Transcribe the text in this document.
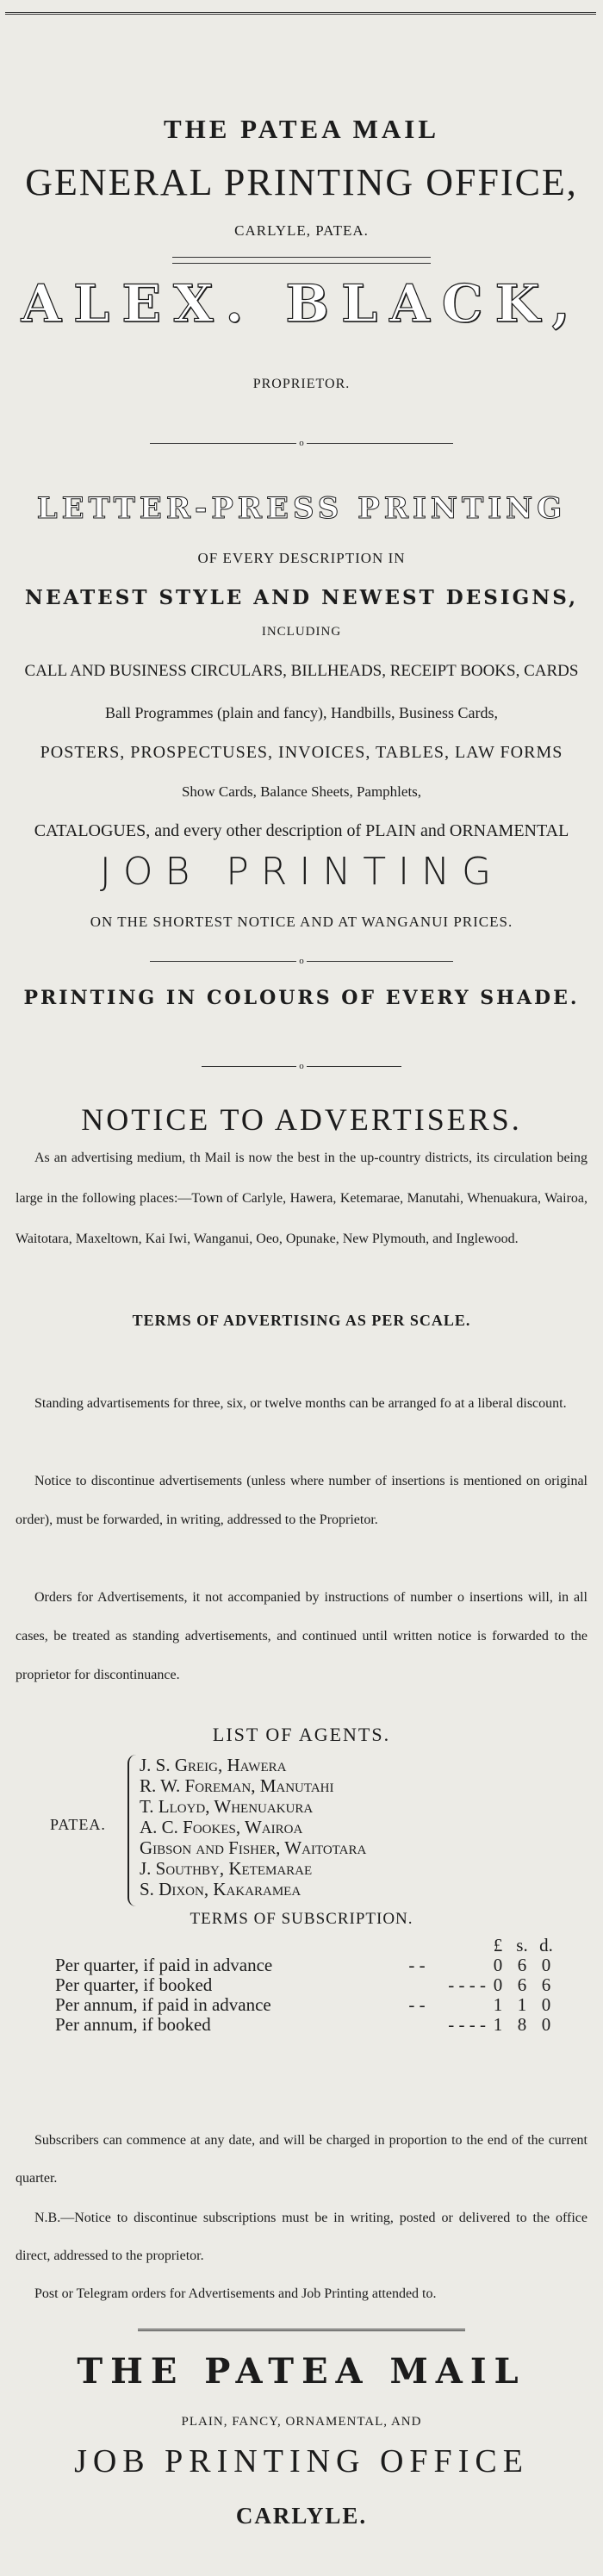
THE PATEA MAIL
GENERAL PRINTING OFFICE,
CARLYLE, PATEA.
ALEX. BLACK,
PROPRIETOR.
o
LETTER-PRESS PRINTING
OF EVERY DESCRIPTION IN
NEATEST STYLE AND NEWEST DESIGNS,
INCLUDING
CALL AND BUSINESS CIRCULARS, BILLHEADS, RECEIPT BOOKS, CARDS
Ball Programmes (plain and fancy), Handbills, Business Cards,
POSTERS, PROSPECTUSES, INVOICES, TABLES, LAW FORMS
Show Cards, Balance Sheets, Pamphlets,
CATALOGUES, and every other description of PLAIN and ORNAMENTAL
JOB PRINTING
ON THE SHORTEST NOTICE AND AT WANGANUI PRICES.
o
PRINTING IN COLOURS OF EVERY SHADE.
o
NOTICE TO ADVERTISERS.
As an advertising medium, th Mail is now the best in the up-country districts, its circulation being large in the following places:—Town of Carlyle, Hawera, Ketemarae, Manutahi, Whenuakura, Wairoa, Waitotara, Maxeltown, Kai Iwi, Wanganui, Oeo, Opunake, New Plymouth, and Inglewood.
TERMS OF ADVERTISING AS PER SCALE.
Standing advartisements for three, six, or twelve months can be arranged fo at a liberal discount.
Notice to discontinue advertisements (unless where number of insertions is mentioned on original order), must be forwarded, in writing, addressed to the Proprietor.
Orders for Advertisements, it not accompanied by instructions of number o insertions will, in all cases, be treated as standing advertisements, and continued until written notice is forwarded to the proprietor for discontinuance.
LIST OF AGENTS.
PATEA.
J. S. Greig, Hawera
R. W. Foreman, Manutahi
T. Lloyd, Whenuakura
A. C. Fookes, Wairoa
Gibson and Fisher, Waitotara
J. Southby, Ketemarae
S. Dixon, Kakaramea
TERMS OF SUBSCRIPTION.
		£	s.	d.
Per quarter, if paid in advance	- -	0	6	0
Per quarter, if booked	- - - -	0	6	6
Per annum, if paid in advance	- -	1	1	0
Per annum, if booked	- - - -	1	8	0
Subscribers can commence at any date, and will be charged in proportion to the end of the current quarter.
N.B.—Notice to discontinue subscriptions must be in writing, posted or delivered to the office direct, addressed to the proprietor.
Post or Telegram orders for Advertisements and Job Printing attended to.
THE PATEA MAIL
PLAIN, FANCY, ORNAMENTAL, AND
JOB PRINTING OFFICE
CARLYLE.
